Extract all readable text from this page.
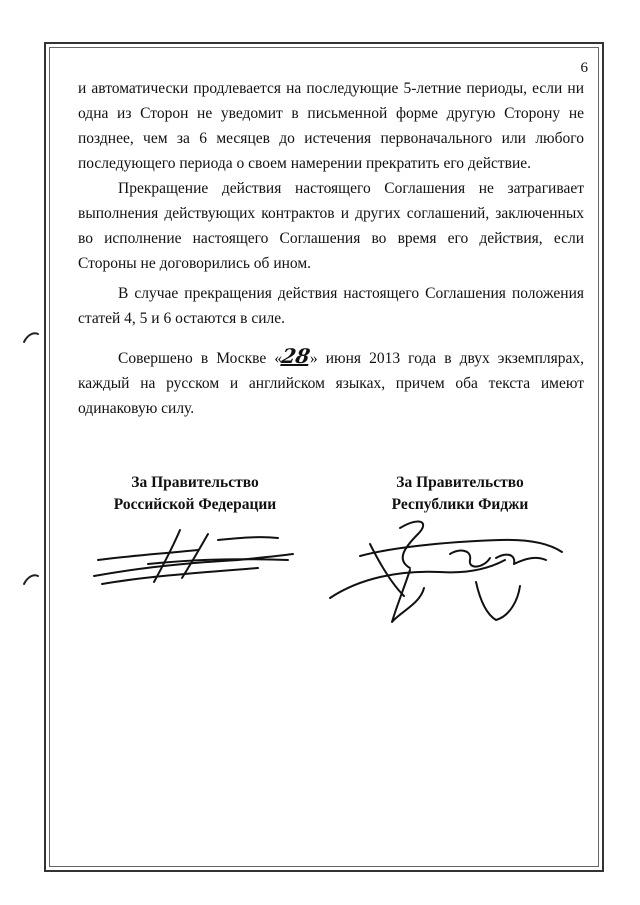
6

и автоматически продлевается на последующие 5-летние периоды, если ни одна из Сторон не уведомит в письменной форме другую Сторону не позднее, чем за 6 месяцев до истечения первоначального или любого последующего периода о своем намерении прекратить его действие.

Прекращение действия настоящего Соглашения не затрагивает выполнения действующих контрактов и других соглашений, заключенных во исполнение настоящего Соглашения во время его действия, если Стороны не договорились об ином.

В случае прекращения действия настоящего Соглашения положения статей 4, 5 и 6 остаются в силе.

Совершено в Москве «28» июня 2013 года в двух экземплярах, каждый на русском и английском языках, причем оба текста имеют одинаковую силу.

За Правительство
Российской Федерации
За Правительство
Республики Фиджи
